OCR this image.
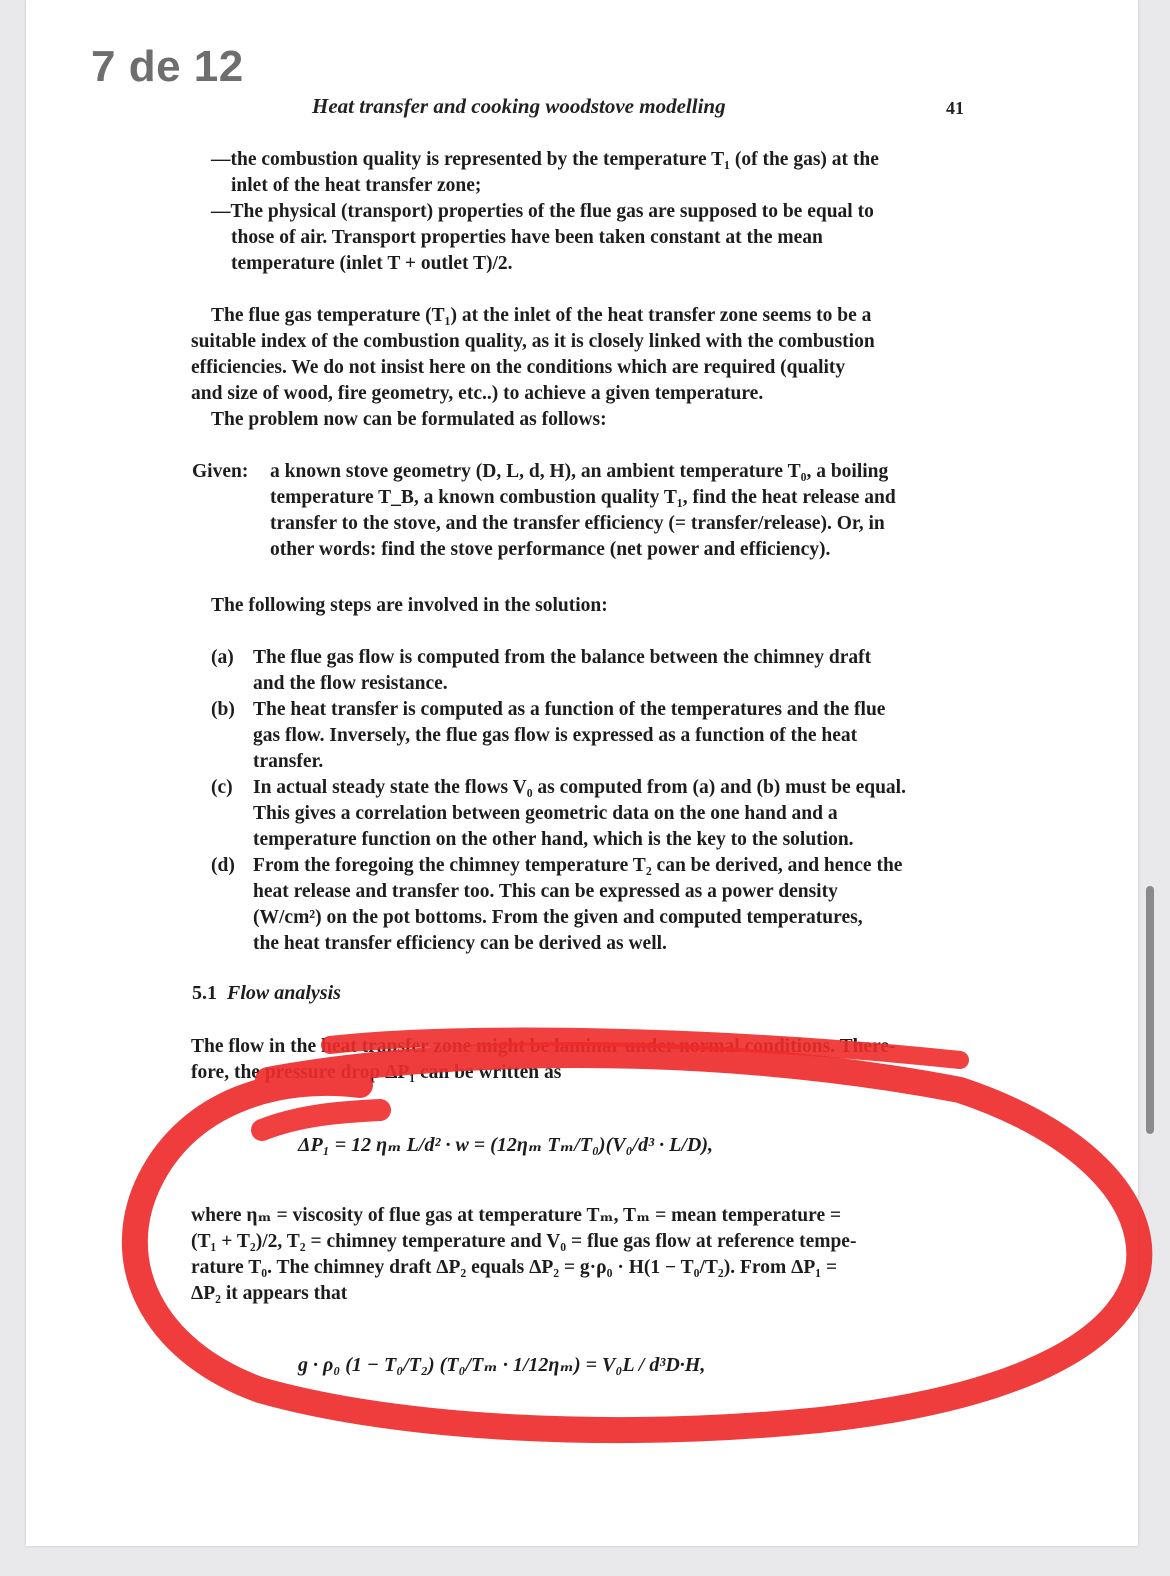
7 de 12
Heat transfer and cooking woodstove modelling	41
—the combustion quality is represented by the temperature T₁ (of the gas) at the
inlet of the heat transfer zone;
—The physical (transport) properties of the flue gas are supposed to be equal to
those of air. Transport properties have been taken constant at the mean
temperature (inlet T + outlet T)/2.
The flue gas temperature (T₁) at the inlet of the heat transfer zone seems to be a
suitable index of the combustion quality, as it is closely linked with the combustion
efficiencies. We do not insist here on the conditions which are required (quality
and size of wood, fire geometry, etc..) to achieve a given temperature.
The problem now can be formulated as follows:
Given: a known stove geometry (D, L, d, H), an ambient temperature T₀, a boiling
temperature T_B, a known combustion quality T₁, find the heat release and
transfer to the stove, and the transfer efficiency (= transfer/release). Or, in
other words: find the stove performance (net power and efficiency).
The following steps are involved in the solution:
(a) The flue gas flow is computed from the balance between the chimney draft
and the flow resistance.
(b) The heat transfer is computed as a function of the temperatures and the flue
gas flow. Inversely, the flue gas flow is expressed as a function of the heat
transfer.
(c) In actual steady state the flows V₀ as computed from (a) and (b) must be equal.
This gives a correlation between geometric data on the one hand and a
temperature function on the other hand, which is the key to the solution.
(d) From the foregoing the chimney temperature T₂ can be derived, and hence the
heat release and transfer too. This can be expressed as a power density
(W/cm²) on the pot bottoms. From the given and computed temperatures,
the heat transfer efficiency can be derived as well.
5.1 Flow analysis
The flow in the heat transfer zone might be laminar under normal conditions. There-
fore, the pressure drop ΔP₁ can be written as
ΔP₁ = 12 ηₘ L/d² · w = (12ηₘ Tₘ/T₀)(V₀/d³ · L/D),
where ηₘ = viscosity of flue gas at temperature Tₘ, Tₘ = mean temperature =
(T₁ + T₂)/2, T₂ = chimney temperature and V₀ = flue gas flow at reference tempe-
rature T₀. The chimney draft ΔP₂ equals ΔP₂ = g·ρ₀ · H(1 − T₀/T₂). From ΔP₁ =
ΔP₂ it appears that
g · ρ₀ (1 − T₀/T₂) (T₀/Tₘ · 1/12ηₘ) = V₀L / d³D·H,
